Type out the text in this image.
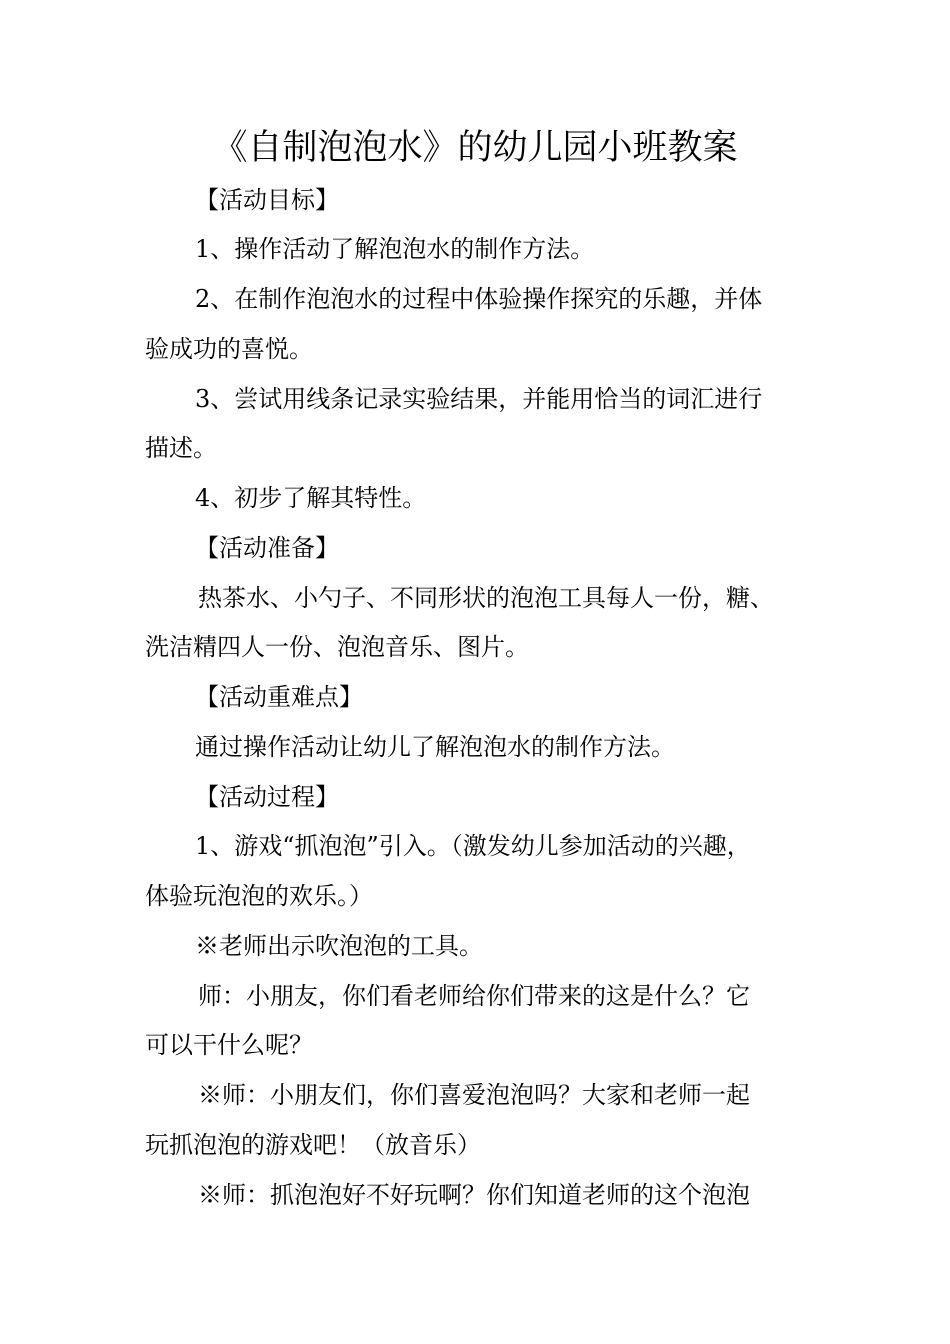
《自制泡泡水》的幼儿园小班教案
【活动目标】
1、操作活动了解泡泡水的制作方法。
2、在制作泡泡水的过程中体验操作探究的乐趣，并体
验成功的喜悦。
3、尝试用线条记录实验结果，并能用恰当的词汇进行
描述。
4、初步了解其特性。
【活动准备】
热茶水、小勺子、不同形状的泡泡工具每人一份，糖、
洗洁精四人一份、泡泡音乐、图片。
【活动重难点】
通过操作活动让幼儿了解泡泡水的制作方法。
【活动过程】
1、游戏“抓泡泡”引入。（激发幼儿参加活动的兴趣，
体验玩泡泡的欢乐。）
※老师出示吹泡泡的工具。
师：小朋友，你们看老师给你们带来的这是什么？它
可以干什么呢？
※师：小朋友们，你们喜爱泡泡吗？大家和老师一起
玩抓泡泡的游戏吧！（放音乐）
※师：抓泡泡好不好玩啊？你们知道老师的这个泡泡
